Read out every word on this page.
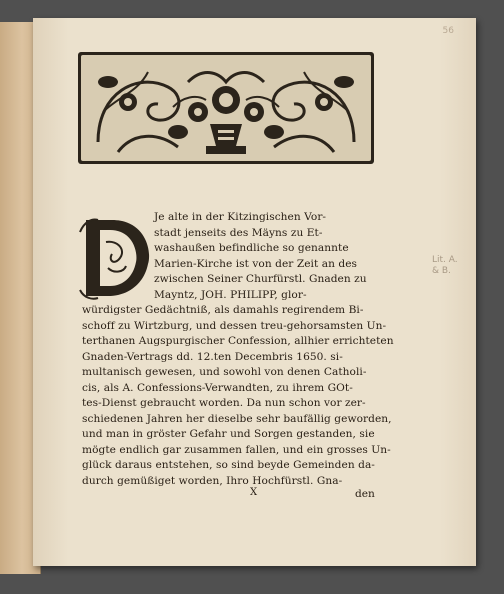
56
Lit. A.
& B.
Je alte in der Kitzingischen Vor-
stadt jenseits des Mäyns zu Et-
washaußen befindliche so genannte
Marien-Kirche ist von der Zeit an des
zwischen Seiner Churfürstl. Gnaden zu
Mayntz, JOH. PHILIPP, glor-
würdigster Gedächtniß, als damahls regirendem Bi-
schoff zu Wirtzburg, und dessen treu-gehorsamsten Un-
terthanen Augspurgischer Confession, allhier errichteten
Gnaden-Vertrags dd. 12.ten Decembris 1650. si-
multanisch gewesen, und sowohl von denen Catholi-
cis, als A. Confessions-Verwandten, zu ihrem GOt-
tes-Dienst gebraucht worden. Da nun schon vor zer-
schiedenen Jahren her dieselbe sehr baufällig geworden,
und man in gröster Gefahr und Sorgen gestanden, sie
mögte endlich gar zusammen fallen, und ein grosses Un-
glück daraus entstehen, so sind beyde Gemeinden da-
durch gemüßiget worden, Ihro Hochfürstl. Gna-
X	den
